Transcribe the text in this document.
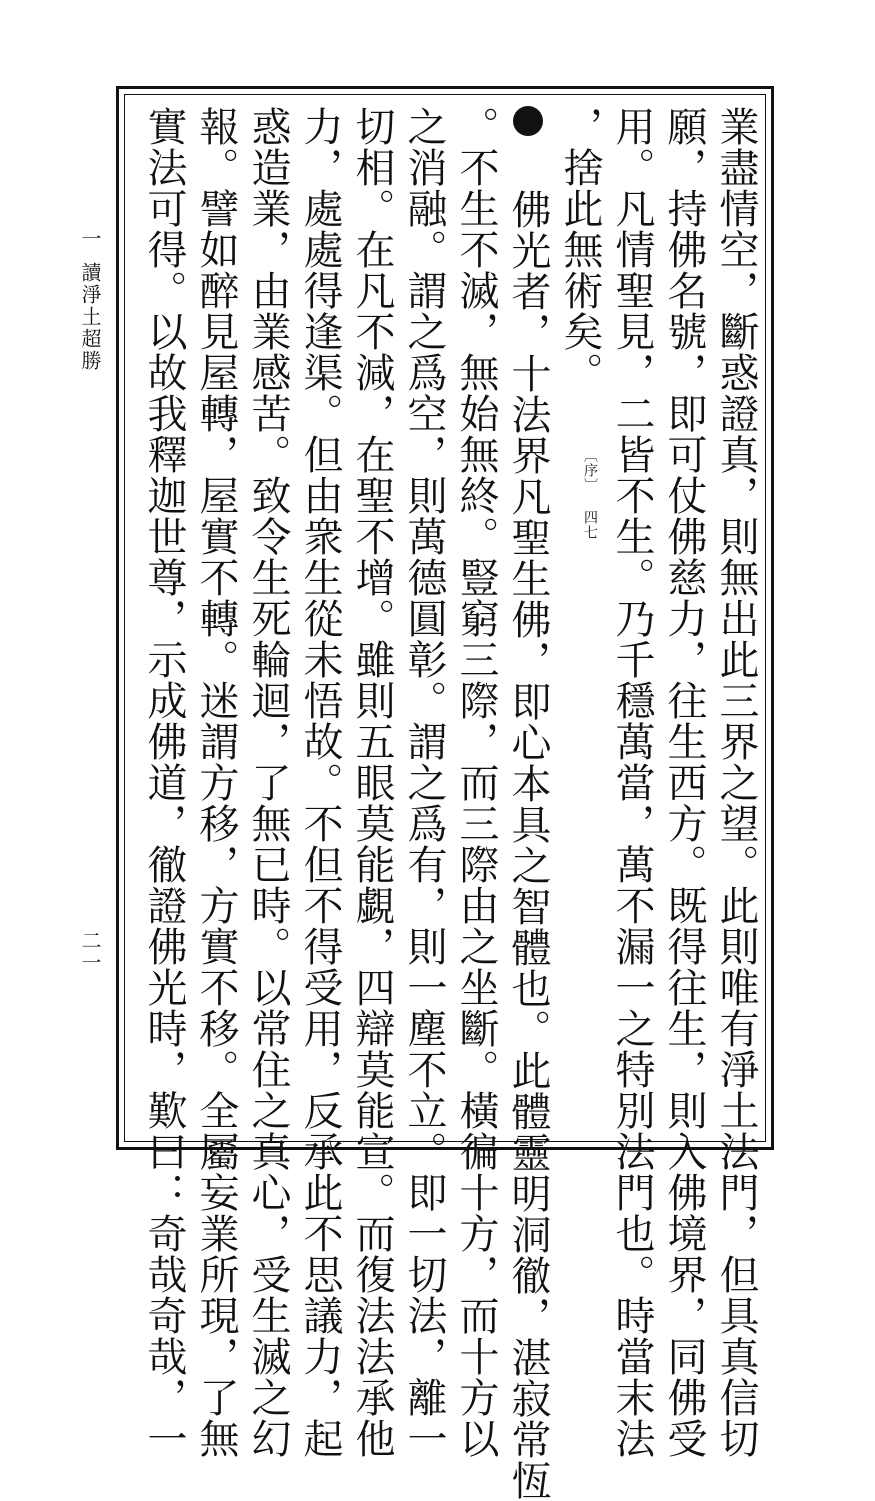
業盡情空，斷惑證真，則無出此三界之望。此則唯有淨土法門，但具真信切
願，持佛名號，即可仗佛慈力，往生西方。既得往生，則入佛境界，同佛受
用。凡情聖見，二皆不生。乃千穩萬當，萬不漏一之特別法門也。時當末法
，捨此無術矣。 〔序〕 四七
佛光者，十法界凡聖生佛，即心本具之智體也。此體靈明洞徹，湛寂常恆
。不生不滅，無始無終。豎窮三際，而三際由之坐斷。橫徧十方，而十方以
之消融。謂之爲空，則萬德圓彰。謂之爲有，則一塵不立。即一切法，離一
切相。在凡不減，在聖不增。雖則五眼莫能覷，四辯莫能宣。而復法法承他
力，處處得逢渠。但由衆生從未悟故。不但不得受用，反承此不思議力，起
惑造業，由業感苦。致令生死輪迴，了無已時。以常住之真心，受生滅之幻
報。譬如醉見屋轉，屋實不轉。迷謂方移，方實不移。全屬妄業所現，了無
實法可得。以故我釋迦世尊，示成佛道，徹證佛光時，歎曰：奇哉奇哉，一
一
讀淨土超勝
二一
